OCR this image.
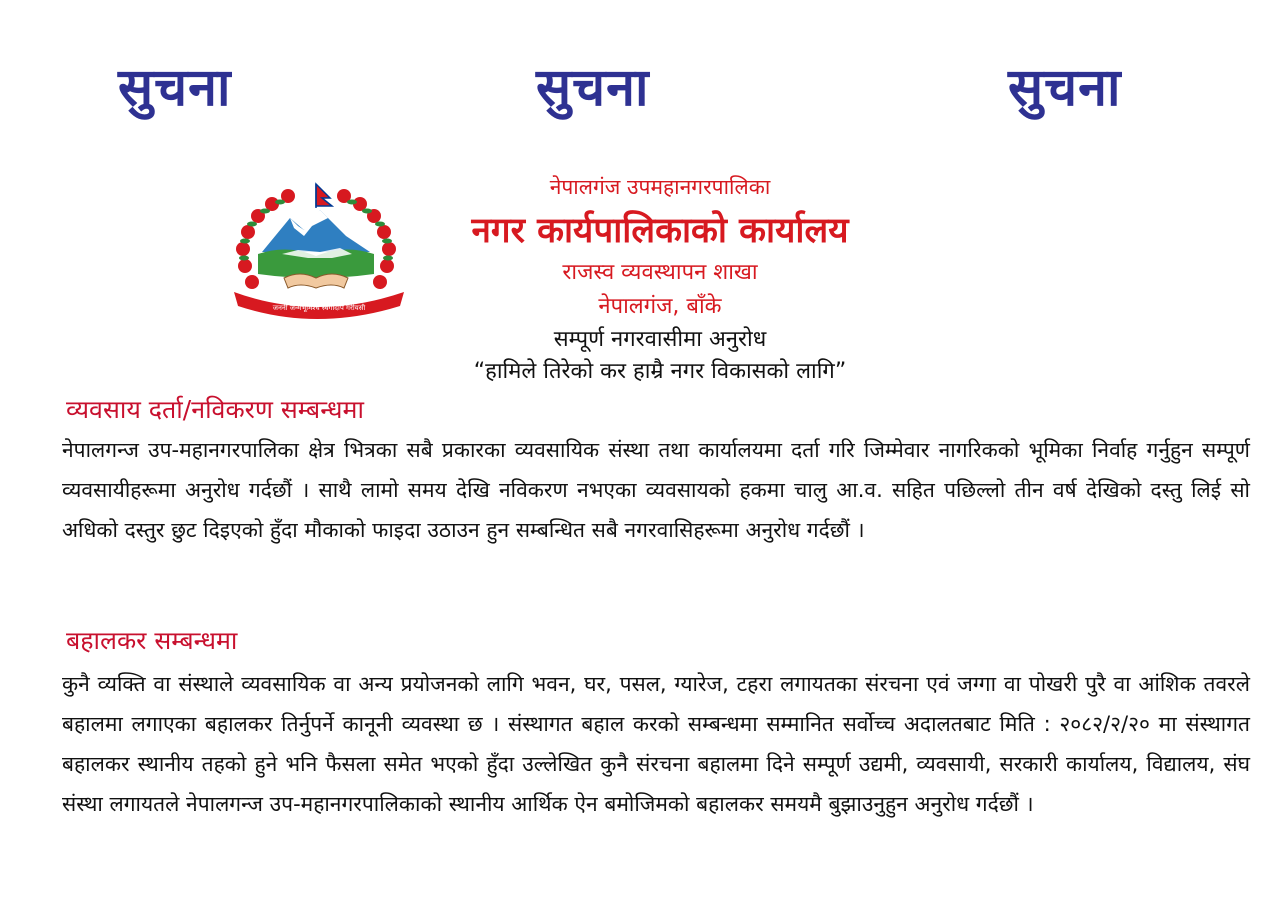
सुचना	सुचना	सुचना
जननी जन्मभूमिश्च स्वर्गादपि गरीयसी
नेपालगंज उपमहानगरपालिका
नगर कार्यपालिकाको कार्यालय
राजस्व व्यवस्थापन शाखा
नेपालगंज, बाँके
सम्पूर्ण नगरवासीमा अनुरोध
“हामिले तिरेको कर हाम्रै नगर विकासको लागि”
व्यवसाय दर्ता/नविकरण सम्बन्धमा
नेपालगन्ज उप-महानगरपालिका क्षेत्र भित्रका सबै प्रकारका व्यवसायिक संस्था तथा कार्यालयमा दर्ता गरि जिम्मेवार नागरिकको भूमिका निर्वाह गर्नुहुन सम्पूर्ण व्यवसायीहरूमा अनुरोध गर्दछौं । साथै लामो समय देखि नविकरण नभएका व्यवसायको हकमा चालु आ.व. सहित पछिल्लो तीन वर्ष देखिको दस्तु लिई सो अधिको दस्तुर छुट दिइएको हुँदा मौकाको फाइदा उठाउन हुन सम्बन्धित सबै नगरवासिहरूमा अनुरोध गर्दछौं ।
बहालकर सम्बन्धमा
कुनै व्यक्ति वा संस्थाले व्यवसायिक वा अन्य प्रयोजनको लागि भवन, घर, पसल, ग्यारेज, टहरा लगायतका संरचना एवं जग्गा वा पोखरी पुरै वा आंशिक तवरले बहालमा लगाएका बहालकर तिर्नुपर्ने कानूनी व्यवस्था छ । संस्थागत बहाल करको सम्बन्धमा सम्मानित सर्वोच्च अदालतबाट मिति : २०८२/२/२० मा संस्थागत बहालकर स्थानीय तहको हुने भनि फैसला समेत भएको हुँदा उल्लेखित कुनै संरचना बहालमा दिने सम्पूर्ण उद्यमी, व्यवसायी, सरकारी कार्यालय, विद्यालय, संघ संस्था लगायतले नेपालगन्ज उप-महानगरपालिकाको स्थानीय आर्थिक ऐन बमोजिमको बहालकर समयमै बुझाउनुहुन अनुरोध गर्दछौं ।
